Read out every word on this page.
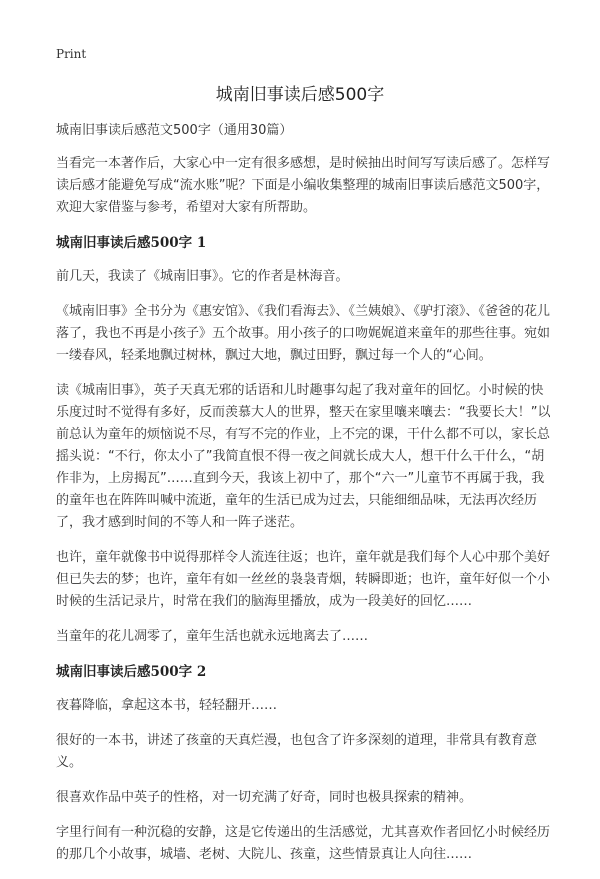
Print
城南旧事读后感500字

城南旧事读后感范文500字（通用30篇）

当看完一本著作后，大家心中一定有很多感想，是时候抽出时间写写读后感了。怎样写读后感才能避免写成“流水账”呢？下面是小编收集整理的城南旧事读后感范文500字，欢迎大家借鉴与参考，希望对大家有所帮助。

城南旧事读后感500字 1

前几天，我读了《城南旧事》。它的作者是林海音。

《城南旧事》全书分为《惠安馆》、《我们看海去》、《兰姨娘》、《驴打滚》、《爸爸的花儿落了，我也不再是小孩子》五个故事。用小孩子的口吻娓娓道来童年的那些往事。宛如一缕春风，轻柔地飘过树林，飘过大地，飘过田野，飘过每一个人的“心间。

读《城南旧事》，英子天真无邪的话语和儿时趣事勾起了我对童年的回忆。小时候的快乐度过时不觉得有多好，反而羡慕大人的世界，整天在家里嚷来嚷去：“我要长大！”以前总认为童年的烦恼说不尽，有写不完的作业，上不完的课，干什么都不可以，家长总摇头说：“不行，你太小了”我简直恨不得一夜之间就长成大人，想干什么干什么，“胡作非为，上房揭瓦”……直到今天，我该上初中了，那个“六一”儿童节不再属于我，我的童年也在阵阵叫喊中流逝，童年的生活已成为过去，只能细细品味，无法再次经历了，我才感到时间的不等人和一阵子迷茫。

也许，童年就像书中说得那样令人流连往返；也许，童年就是我们每个人心中那个美好但已失去的梦；也许，童年有如一丝丝的袅袅青烟，转瞬即逝；也许，童年好似一个小时候的生活记录片，时常在我们的脑海里播放，成为一段美好的回忆……

当童年的花儿凋零了，童年生活也就永远地离去了……

城南旧事读后感500字 2

夜暮降临，拿起这本书，轻轻翻开……

很好的一本书，讲述了孩童的天真烂漫，也包含了许多深刻的道理，非常具有教育意义。

很喜欢作品中英子的性格，对一切充满了好奇，同时也极具探索的精神。

字里行间有一种沉稳的安静，这是它传递出的生活感觉，尤其喜欢作者回忆小时候经历的那几个小故事，城墙、老树、大院儿、孩童，这些情景真让人向往……
